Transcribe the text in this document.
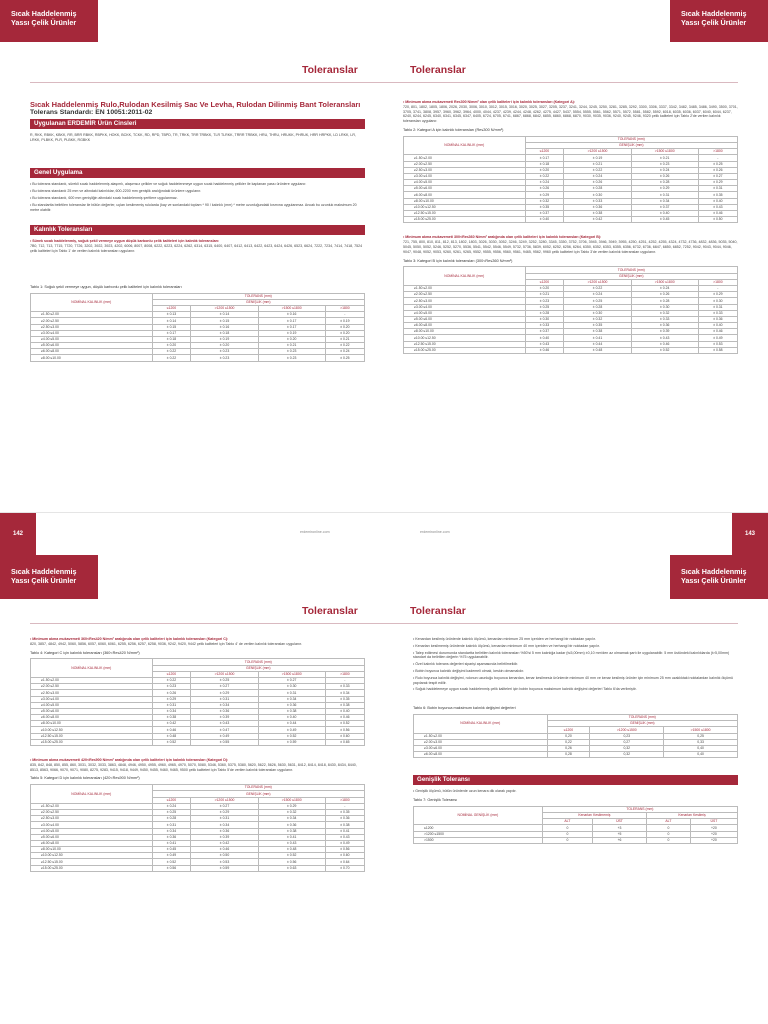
Sıcak Haddelenmiş
Yassı Çelik Ürünler
Sıcak Haddelenmiş
Yassı Çelik Ürünler
Toleranslar	Toleranslar
Sıcak Haddelenmiş Rulo,Rulodan Kesilmiş Sac Ve Levha, Rulodan Dilinmiş Bant Toleransları
Tolerans Standardı: EN 10051:2011-02
Uygulanan ERDEMİR Ürün Cinsleri
R, RKK, RBKK, KBKK, RR, BRR RBKK, RBPKK, HOKK, BCKK, TCKK, RD, RPD, TBPD, TR, TRKK, TRR TRBKK, TLR TLRKK, TRRR TRBKK, HRU, THRU, HRUKK, PHRUK, HRR HRPKK, LD LRKK, LR, LRKK, PLBKK, PLR, PLBKK, RGBKK
Genel Uygulama
• Bu tolerans standardı, sürekli sıcak haddelenmiş alaşımlı, alaşımsız çelikler ve soğuk haddelenmeye uygun sıcak haddelenmiş çelikler ile kaplanan yassı ürünlere uygulanır.
• Bu tolerans standardı 25 mm ve altındaki kalınlıklar, 600-2200 mm genişlik aralığındaki ürünlere uygulanır.
• Bu tolerans standardı, 600 mm genişliğin altındaki sıcak haddelenmiş şeritlere uygulanmaz.
• Bu standartta belirtilen toleranslar ile bütün değerler, uçları kesilmemiş rulolarda (kay ve sonlandaki toplam * 90 / kalınlık (mm) * metre uzunluğundaki kısmına uygulanmaz. Ancak bu uzunluk maksimum 20 metre olabilir.
Kalınlık Toleransları
• Sünek sıcak haddelenmiş, soğuk şekil vermeye uygun düşük karbonlu çelik kaliteleri için kalınlık toleransları:
7B0, 712, 713, 7715, 7720, 7726, 3202, 3922, 3923, 4202, 6006, 8007, 8008, 6222, 6223, 6224, 6262, 6314, 6315, 6400, 6407, 6412, 6413, 6422, 6423, 6424, 6426, 6523, 6624, 7222, 7234, 7414, 7418, 7524 çelik kaliteleri için Tablo 1' de verilen kalınlık toleransları uygulanır.
Tablo 1: Soğuk şekil vermeye uygun, düşük karbonlu çelik kaliteleri için kalınlık toleransları
NOMİNAL KALINLIK (mm)	TOLERANS (mm)			
	GENİŞLİK (mm)			
	≤1200	>1200 ≤1500	>1500 ≤1800	>1800
≥1.50 ≤2.00	± 0.13	± 0.14	± 0.16	-
≥2.00 ≤2.50	± 0.14	± 0.15	± 0.17	± 0.19
≥2.50 ≤3.00	± 0.15	± 0.16	± 0.17	± 0.20
≥3.00 ≤4.00	± 0.17	± 0.18	± 0.19	± 0.20
≥4.00 ≤5.00	± 0.18	± 0.19	± 0.20	± 0.21
≥5.00 ≤6.00	± 0.20	± 0.20	± 0.21	± 0.22
≥6.00 ≤8.00	± 0.22	± 0.23	± 0.23	± 0.24
≥8.00 ≤10.00	± 0.22	± 0.23	± 0.23	± 0.25
• Minimum akma mukavemeti Re≤300 N/mm² olan çelik kaliteleri için kalınlık toleransları (Kategori A):
720, 801, 1802, 1805, 1806, 2026, 2030, 3006, 3010, 3012, 3015, 3016, 3020, 3025, 3027, 3205, 3237, 3241, 3244, 3245, 3250, 3281, 3285, 3292, 3300, 3306, 3337, 3342, 3482, 3485, 3486, 3490, 3500, 3701, 3705, 3741, 3808, 3957, 3960, 3962, 3964, 4000, 4044, 4237, 4239, 4244, 4248, 4262, 4275, 4427, 5437, 5554, 5555, 5561, 5562, 5571, 5572, 5581, 5582, 5592, 6018, 6035, 6036, 6037, 6040, 6044, 6237, 6240, 6244, 6245, 6340, 6341, 6345, 6347, 6405, 6724, 6705, 6741, 6867, 6868, 6842, 6855, 6860, 6868, 6870, 9030, 9035, 9036, 9240, 9245, 9246, 9320 çelik kaliteleri için Tablo 2'de verilen kalınlık toleransları uygulanır.
Tablo 2: Kategori A için kalınlık toleransları (Re≤300 N/mm²)
NOMİNAL KALINLIK (mm)	TOLERANS (mm)			
	GENİŞLİK (mm)			
	≤1200	>1200 ≤1500	>1500 ≤1800	>1800
≥1.50 ≤2.00	± 0.17	± 0.19	± 0.21	-
≥2.00 ≤2.50	± 0.18	± 0.21	± 0.23	± 0.25
≥2.50 ≤3.00	± 0.20	± 0.22	± 0.24	± 0.26
≥3.00 ≤4.00	± 0.22	± 0.24	± 0.26	± 0.27
≥4.00 ≤5.00	± 0.24	± 0.26	± 0.28	± 0.29
≥5.00 ≤6.00	± 0.26	± 0.28	± 0.29	± 0.31
≥6.00 ≤8.00	± 0.29	± 0.30	± 0.31	± 0.35
≥8.00 ≤10.00	± 0.32	± 0.33	± 0.34	± 0.40
≥10.00 ≤12.50	± 0.35	± 0.36	± 0.37	± 0.43
≥12.50 ≤15.00	± 0.37	± 0.38	± 0.40	± 0.46
≥15.00 ≤25.00	± 0.40	± 0.42	± 0.45	± 0.50
• Minimum akma mukavemeti 300<Re≤360 N/mm² aralığında olan çelik kaliteleri için kalınlık toleransları (Kategori B):
721, 755, 800, 810, 811, 812, 813, 1802, 1803, 3026, 3030, 3052, 3246, 3249, 3252, 3280, 3345, 3350, 3752, 3706, 3945, 3946, 3949, 3955, 4250, 4251, 4252, 4255, 4324, 4732, 4736, 4832, 4836, 5035, 5040, 5045, 5050, 5052, 5246, 5252, 5270, 5536, 5541, 5542, 5546, 5549, 5732, 5736, 5839, 6052, 6252, 6256, 6264, 6350, 6352, 6353, 6355, 6356, 6732, 6736, 6847, 6850, 6852, 7252, 9042, 9043, 9044, 9046, 9047, 9048, 9052, 9053, 9260, 9261, 9265, 9552, 9555, 9556, 9560, 9561, 9465, 9562, 9960 çelik kaliteleri için Tablo 3'de verilen kalınlık toleransları uygulanır.
Tablo 3: Kategori B için kalınlık toleransları (300<Re≤360 N/mm²)
NOMİNAL KALINLIK (mm)	TOLERANS (mm)			
	GENİŞLİK (mm)			
	≤1200	>1200 ≤1500	>1500 ≤1800	>1800
≥1.50 ≤2.00	± 0.20	± 0.22	± 0.24	-
≥2.00 ≤2.50	± 0.21	± 0.24	± 0.26	± 0.29
≥2.50 ≤3.00	± 0.23	± 0.25	± 0.28	± 0.30
≥3.00 ≤4.00	± 0.25	± 0.28	± 0.30	± 0.31
≥4.00 ≤5.00	± 0.28	± 0.30	± 0.32	± 0.33
≥5.00 ≤6.00	± 0.30	± 0.32	± 0.33	± 0.36
≥6.00 ≤8.00	± 0.33	± 0.35	± 0.36	± 0.40
≥8.00 ≤10.00	± 0.37	± 0.38	± 0.39	± 0.46
≥10.00 ≤12.50	± 0.40	± 0.41	± 0.43	± 0.49
≥12.50 ≤15.00	± 0.43	± 0.44	± 0.46	± 0.53
≥15.00 ≤25.00	± 0.46	± 0.48	± 0.52	± 0.58
142	143
erdemironline.com	erdemironline.com
Sıcak Haddelenmiş
Yassı Çelik Ürünler
Sıcak Haddelenmiş
Yassı Çelik Ürünler
Toleranslar	Toleranslar
• Minimum akma mukavemeti 360<Re≤420 N/mm² aralığında olan çelik kaliteleri için kalınlık toleransları (Kategori C):
820, 3857, 4842, 4942, 5060, 5856, 6057, 6060, 6061, 6255, 6256, 6257, 6258, 9036, 9242, 9420, 9442 çelik kaliteleri için Tablo 4' de verilen kalınlık toleransları uygulanır.
Tablo 4: Kategori C için kalınlık toleransları (360<Re≤420 N/mm²)
NOMİNAL KALINLIK (mm)	TOLERANS (mm)			
	GENİŞLİK (mm)			
	≤1200	>1200 ≤1500	>1500 ≤1800	>1800
≥1.50 ≤2.00	± 0.22	± 0.25	± 0.27	-
≥2.00 ≤2.50	± 0.23	± 0.27	± 0.30	± 0.33
≥2.50 ≤3.00	± 0.26	± 0.29	± 0.31	± 0.34
≥3.00 ≤4.00	± 0.29	± 0.31	± 0.34	± 0.35
≥4.00 ≤5.00	± 0.31	± 0.34	± 0.36	± 0.38
≥5.00 ≤6.00	± 0.34	± 0.36	± 0.38	± 0.40
≥6.00 ≤8.00	± 0.38	± 0.39	± 0.40	± 0.46
≥8.00 ≤10.00	± 0.42	± 0.43	± 0.44	± 0.52
≥10.00 ≤12.50	± 0.46	± 0.47	± 0.49	± 0.56
≥12.50 ≤15.00	± 0.48	± 0.49	± 0.52	± 0.60
≥15.00 ≤25.00	± 0.52	± 0.55	± 0.59	± 0.65
• Minimum akma mukavemeti 420<Re≤900 N/mm² aralığında olan çelik kaliteleri için kalınlık toleransları (Kategori D):
835, 842, 848, 850, 855, 860, 3031, 3032, 3033, 3863, 4848, 4946, 4950, 4955, 4960, 4965, 4970, 5070, 5080, 5346, 5360, 5375, 5380, 5620, 5622, 5626, 5630, 5631, 8412, 8414, 8418, 8430, 8434, 8440, 8513, 8563, 9066, 9070, 9071, 9080, 8275, 9283, 9415, 9418, 9449, 9450, 9455, 9460, 9465, 9500 çelik kaliteleri için Tablo 5'de verilen kalınlık toleransları uygulanır.
Tablo 5: Kategori D için kalınlık toleransları (420<Re≤900 N/mm²)
NOMİNAL KALINLIK (mm)	TOLERANS (mm)			
	GENİŞLİK (mm)			
	≤1200	>1200 ≤1500	>1500 ≤1800	>1800
≥1.50 ≤2.00	± 0.24	± 0.27	± 0.29	-
≥2.00 ≤2.50	± 0.25	± 0.29	± 0.32	± 0.35
≥2.50 ≤3.00	± 0.28	± 0.31	± 0.34	± 0.36
≥3.00 ≤4.00	± 0.31	± 0.34	± 0.36	± 0.38
≥4.00 ≤5.00	± 0.34	± 0.36	± 0.38	± 0.41
≥5.00 ≤6.00	± 0.36	± 0.39	± 0.41	± 0.43
≥6.00 ≤8.00	± 0.41	± 0.42	± 0.43	± 0.49
≥8.00 ≤10.00	± 0.45	± 0.46	± 0.48	± 0.56
≥10.00 ≤12.50	± 0.49	± 0.50	± 0.52	± 0.60
≥12.50 ≤15.00	± 0.52	± 0.53	± 0.56	± 0.64
≥15.00 ≤25.00	± 0.56	± 0.59	± 0.63	± 0.70
• Kenardan kesilmiş ürünlerde kalınlık ölçümü, kenardan minimum 25 mm içeriden ve herhangi bir noktadan yapılır.
• Kenarları kesilmemiş ürünlerde kalınlık ölçümü, kenardan minimum 40 mm içeriden ve herhangi bir noktadan yapılır.
• Talep edilmesi durumunda standartta belirtilen kalınlık toleransları %50'si 5 mm kalınlığa kadar (t≤5,00mm) ±0,10 mm'den az olmamak şartı ile uygulanabilir. 5 mm üstündeki kalınlıklarda (t>5,00mm) standart da belirtilen değerin %75 uygulanabilir.
• Özel kalınlık tolerans değerleri siparişi aşamasında belirtilmelidir.
• Bobin boyunca kalınlık değişimi kademeli olmalı, keskin olmamalıdır.
• Rulo boyunca kalınlık değişimi, rulonun uzunluğu boyunca kenardan, kenar kesilmesiz ürünlerde minimum 40 mm ve kenar kesilmiş ürünler için minimum 25 mm uzaklıktaki noktalardan kalınlık ölçümü yapılarak tespit edilir.
• Soğuk haddelemeye uygun sıcak haddelenmiş çelik kaliteleri için bobin boyunca maksimum kalınlık değişimi değerleri Tablo 6'da verilmiştir.
Tablo 6: Bobin boyunca maksimum kalınlık değişimi değerleri
NOMİNAL KALINLIK (mm)	TOLERANS (mm)		
	GENİŞLİK (mm)		
	≤1200	>1200 ≤1500	>1500 ≤1800
≥1.50 ≤2.00	0,20	0,23	0,25
≥2.00 ≤3.00	0,22	0,27	0,33
≥3.00 ≤6.00	0,26	0,32	0,40
≥6.00 ≤8.00	0,28	0,32	0,40
Genişlik Toleransı
• Genişlik ölçümü, bütün ürünlerde uzun kenara dik olarak yapılır.
Tablo 7: Genişlik Toleransı
NOMİNAL GENİŞLİK (mm)	TOLERANS (mm)			
	Kenarları Kesilmemiş		Kenarları Kesilmiş	
	ALT	ÜST	ALT	ÜST
≤1200	0	+3	0	+20
>1200 ≤1500	0	+5	0	+20
>1500	0	+6	0	+20
